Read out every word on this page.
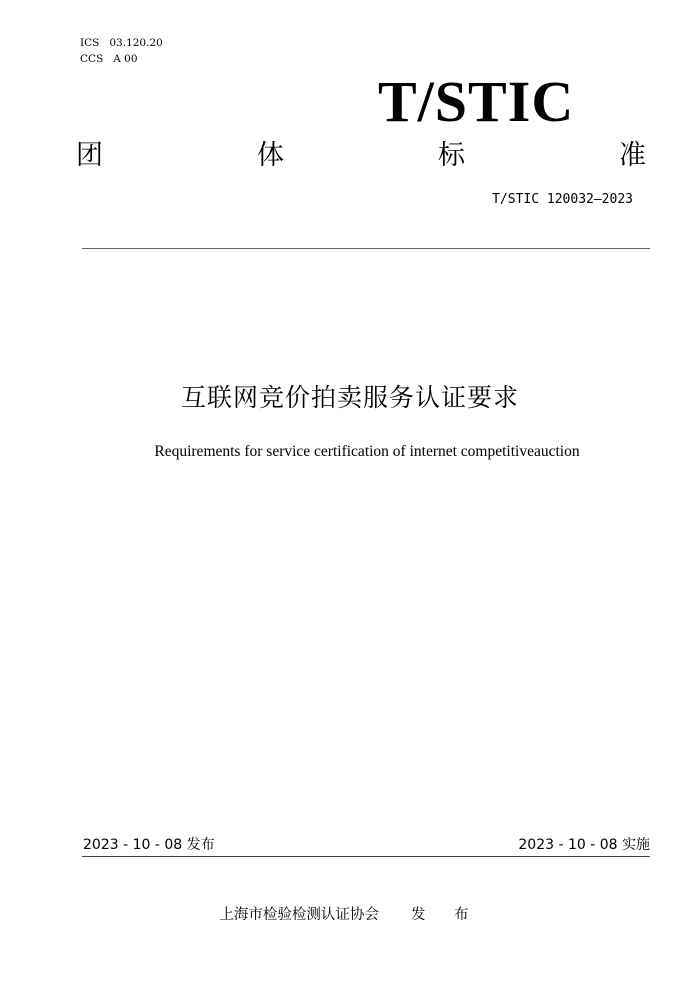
ICS 03.120.20
CCS A 00
T/STIC
团	体	标	准
T/STIC 120032—2023
互联网竞价拍卖服务认证要求
Requirements for service certification of internet competitiveauction
2023 - 10 - 08 发布	2023 - 10 - 08 实施
上海市检验检测认证协会 发 布
